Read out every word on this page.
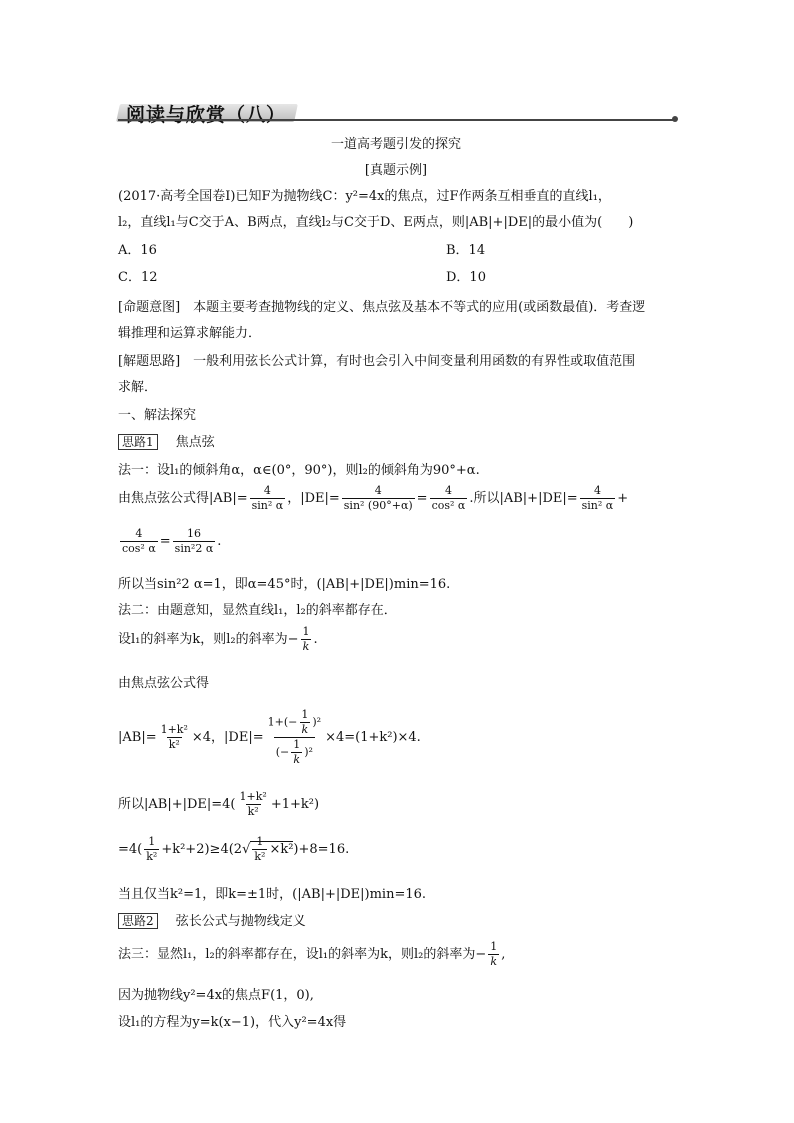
阅读与欣赏（八）
一道高考题引发的探究
[真题示例]
(2017·高考全国卷Ⅰ)已知F为抛物线C：y²=4x的焦点，过F作两条互相垂直的直线l₁，
l₂，直线l₁与C交于A、B两点，直线l₂与C交于D、E两点，则|AB|+|DE|的最小值为(　　)
A．16	B．14
C．12	D．10
[命题意图]　本题主要考查抛物线的定义、焦点弦及基本不等式的应用(或函数最值)．考查逻
辑推理和运算求解能力．
[解题思路]　一般利用弦长公式计算，有时也会引入中间变量利用函数的有界性或取值范围
求解．
一、解法探究
思路1 焦点弦
法一：设l₁的倾斜角α，α∈(0°，90°)，则l₂的倾斜角为90°+α.
由焦点弦公式得$|AB|= \frac{4}{\text{sin² α}}$ ，$|DE|= \frac{4}{\text{sin² (90°+α)}} = \frac{4}{\text{cos² α}}$ .所以$|AB|+|DE|= \frac{4}{\text{sin² α}}$ +
$\frac{4}{\text{cos² α}} = \frac{16}{\text{sin²2 α}}$ .
所以当sin²2 α=1，即α=45°时，(|AB|+|DE|)min=16.
法二：由题意知，显然直线l₁，l₂的斜率都存在．
设l₁的斜率为k，则l₂的斜率为− $\frac{1}{k}$ .
由焦点弦公式得
$|AB|= \frac{\text{1+k²}}{\text{k²}} \times 4$，$|DE|= \frac{1+(- \frac{1}{k} )^2}{(- \frac{1}{k} )^2} \times 4=(1+k^2)\times 4$.
所以$|AB|+|DE|=4( \frac{\text{1+k²}}{\text{k²}} +1+k^2)$
$=4( \frac{1}{\text{k²}} +k^2+2)\ge 4(2√ \frac{1}{\text{k²}} \times k^2)+8=16$.
当且仅当k²=1，即k=±1时，(|AB|+|DE|)min=16.
思路2 弦长公式与抛物线定义
法三：显然l₁，l₂的斜率都存在，设l₁的斜率为k，则l₂的斜率为− $\frac{1}{k}$ ,
因为抛物线y²=4x的焦点F(1，0),
设l₁的方程为y=k(x−1)，代入y²=4x得
